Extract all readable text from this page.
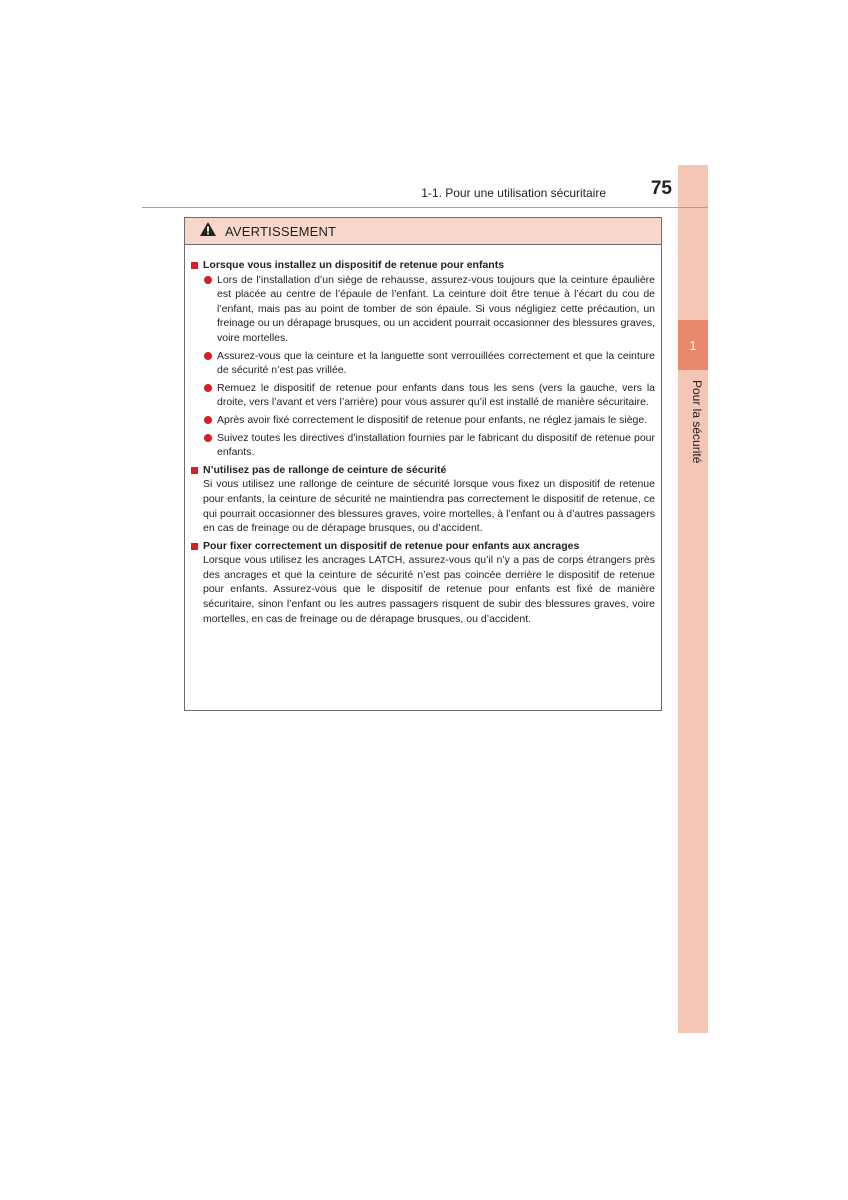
1
Pour la sécurité
1-1. Pour une utilisation sécuritaire	75
AVERTISSEMENT
Lorsque vous installez un dispositif de retenue pour enfants
Lors de l’installation d’un siège de rehausse, assurez-vous toujours que la ceinture épaulière est placée au centre de l’épaule de l’enfant. La ceinture doit être tenue à l’écart du cou de l’enfant, mais pas au point de tomber de son épaule. Si vous négligiez cette précaution, un freinage ou un dérapage brusques, ou un accident pourrait occasionner des blessures graves, voire mortelles.
Assurez-vous que la ceinture et la languette sont verrouillées correctement et que la ceinture de sécurité n’est pas vrillée.
Remuez le dispositif de retenue pour enfants dans tous les sens (vers la gauche, vers la droite, vers l’avant et vers l’arrière) pour vous assurer qu’il est installé de manière sécuritaire.
Après avoir fixé correctement le dispositif de retenue pour enfants, ne réglez jamais le siège.
Suivez toutes les directives d’installation fournies par le fabricant du dispositif de retenue pour enfants.
N’utilisez pas de rallonge de ceinture de sécurité
Si vous utilisez une rallonge de ceinture de sécurité lorsque vous fixez un dispositif de retenue pour enfants, la ceinture de sécurité ne maintiendra pas correctement le dispositif de retenue, ce qui pourrait occasionner des blessures graves, voire mortelles, à l’enfant ou à d’autres passagers en cas de freinage ou de dérapage brusques, ou d’accident.
Pour fixer correctement un dispositif de retenue pour enfants aux ancrages
Lorsque vous utilisez les ancrages LATCH, assurez-vous qu’il n’y a pas de corps étrangers près des ancrages et que la ceinture de sécurité n’est pas coincée derrière le dispositif de retenue pour enfants. Assurez-vous que le dispositif de retenue pour enfants est fixé de manière sécuritaire, sinon l’enfant ou les autres passagers risquent de subir des blessures graves, voire mortelles, en cas de freinage ou de dérapage brusques, ou d’accident.
